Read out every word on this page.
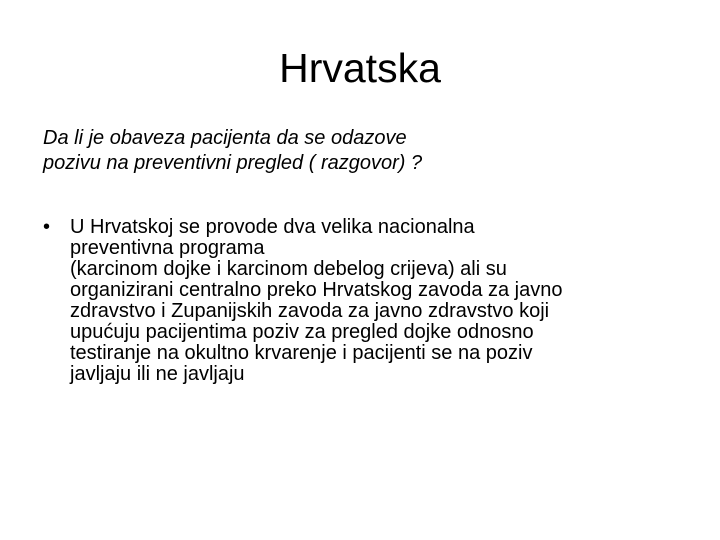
Hrvatska

Da li je obaveza pacijenta da se odazove
pozivu na preventivni pregled ( razgovor) ?

• U Hrvatskoj se provode dva velika nacionalna
preventivna programa
(karcinom dojke i karcinom debelog crijeva) ali su
organizirani centralno preko Hrvatskog zavoda za javno
zdravstvo i Zupanijskih zavoda za javno zdravstvo koji
upućuju pacijentima poziv za pregled dojke odnosno
testiranje na okultno krvarenje i pacijenti se na poziv
javljaju ili ne javljaju
